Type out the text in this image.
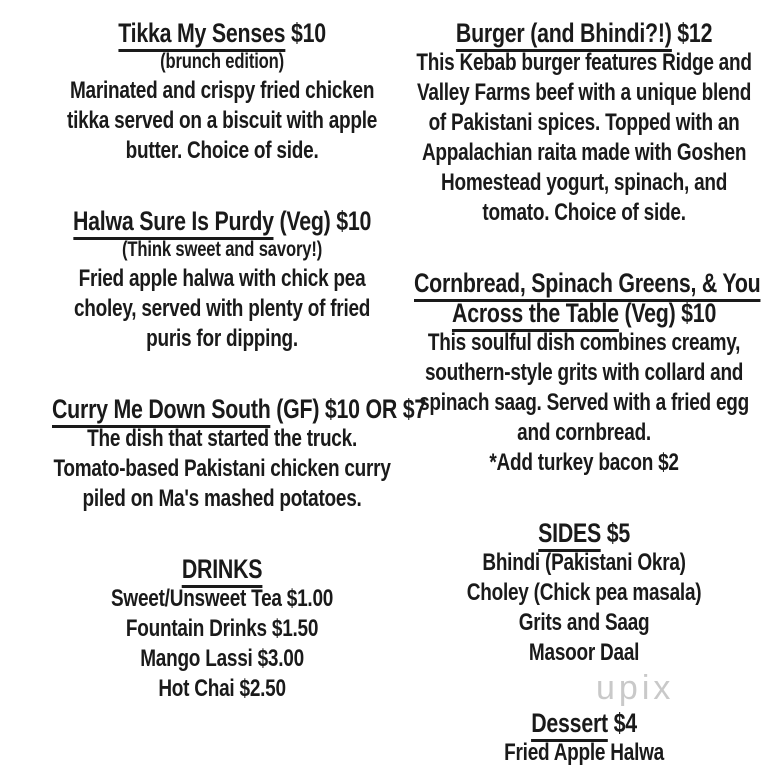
upix
Tikka My Senses $10

(brunch edition)

Marinated and crispy fried chicken tikka served on a biscuit with apple butter. Choice of side.

Halwa Sure Is Purdy (Veg) $10

(Think sweet and savory!)

Fried apple halwa with chick pea choley, served with plenty of fried puris for dipping.

Curry Me Down South (GF) $10 OR $7

The dish that started the truck. Tomato-based Pakistani chicken curry piled on Ma's mashed potatoes.

DRINKS
Sweet/Unsweet Tea $1.00
Fountain Drinks $1.50
Mango Lassi $3.00
Hot Chai $2.50
Burger (and Bhindi?!) $12

This Kebab burger features Ridge and Valley Farms beef with a unique blend of Pakistani spices. Topped with an Appalachian raita made with Goshen Homestead yogurt, spinach, and tomato. Choice of side.

Cornbread, Spinach Greens, & You
Across the Table (Veg) $10

This soulful dish combines creamy, southern-style grits with collard and spinach saag. Served with a fried egg and cornbread.

*Add turkey bacon $2

SIDES $5
Bhindi (Pakistani Okra)
Choley (Chick pea masala)
Grits and Saag
Masoor Daal
Dessert $4
Fried Apple Halwa
